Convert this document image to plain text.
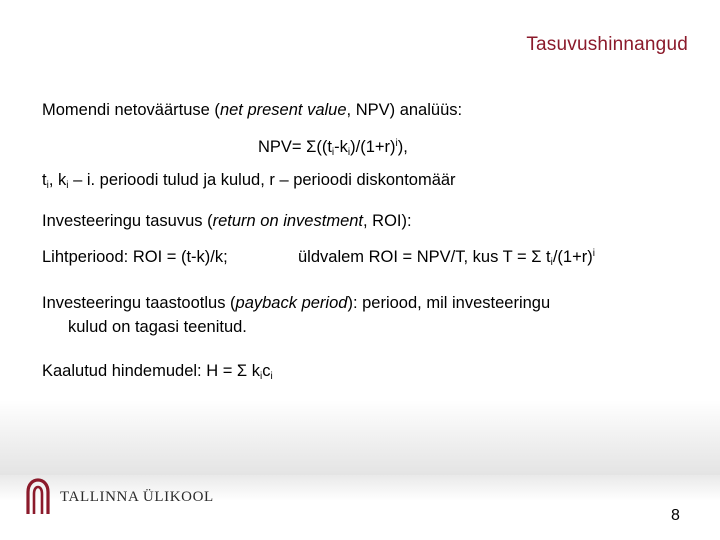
Tasuvushinnangud
Momendi netoväärtuse (net present value, NPV) analüüs:
$NPV= \Sigma((t_i-k_i)/(1+r)^i)$,
$t_i$, $k_i$ – i. perioodi tulud ja kulud, r – perioodi diskontomäär
Investeeringu tasuvus (return on investment, ROI):
Lihtperiood: ROI = (t-k)/k;	üldvalem ROI = NPV/T, kus T = Σ $t_i/(1+r)^i$
Investeeringu taastootlus (payback period): periood, mil investeeringu
kulud on tagasi teenitud.
Kaalutud hindemudel: H = Σ $k_ic_i$
TALLINNA ÜLIKOOL
8
